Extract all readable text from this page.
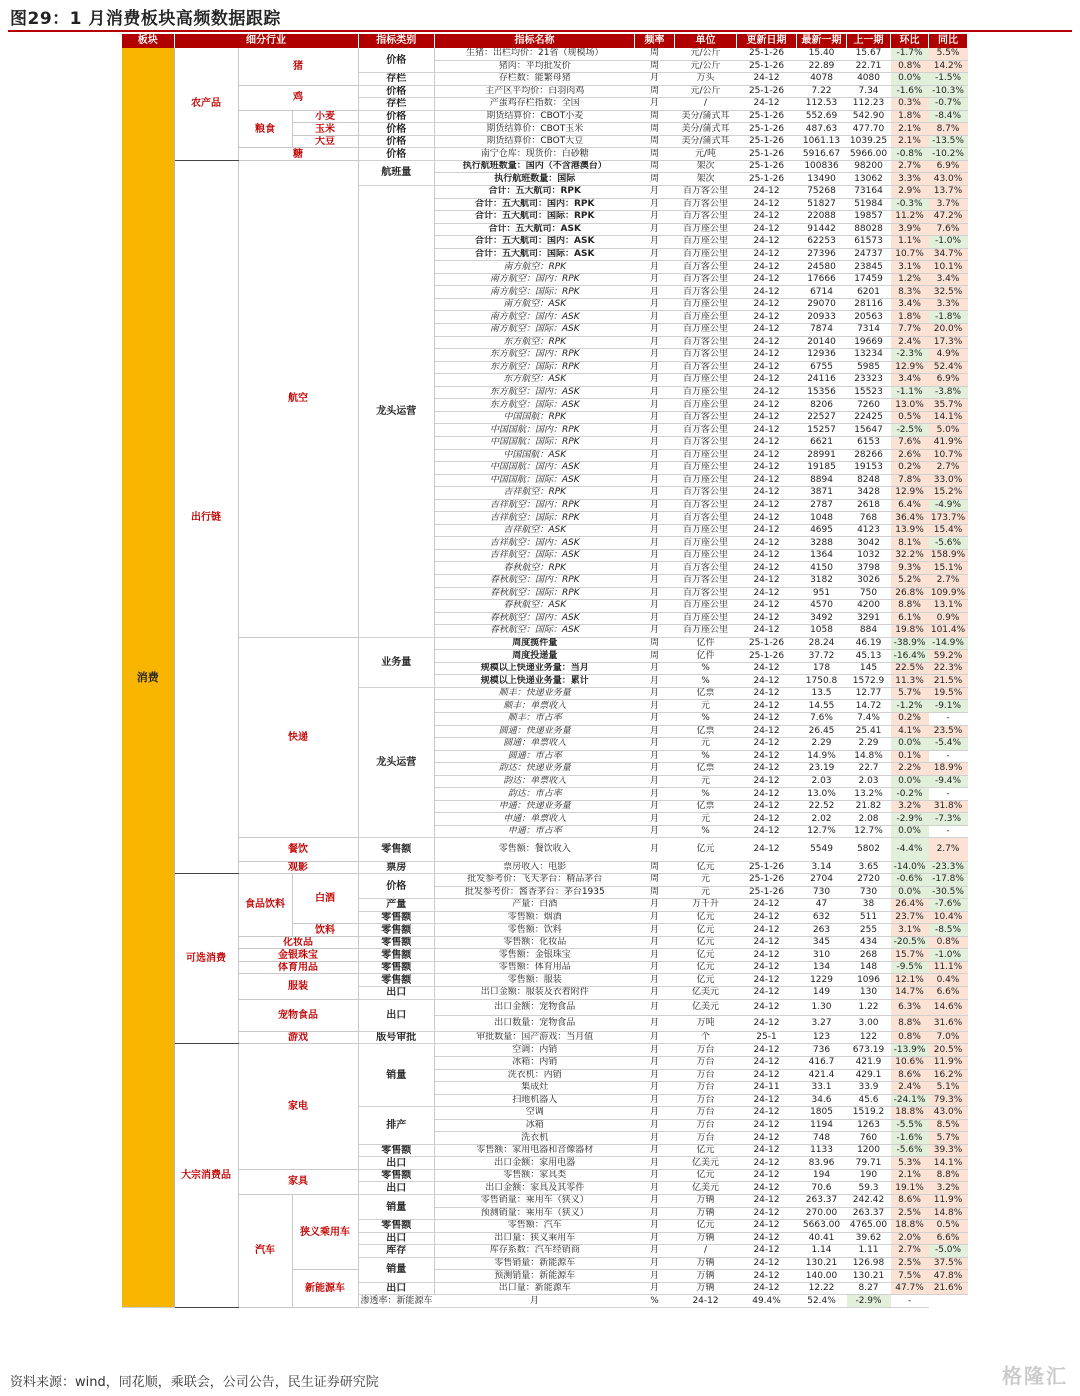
图29：1 月消费板块高频数据跟踪
板块	细分行业			指标类别	指标名称	频率	单位	更新日期	最新一期	上一期	环比	同比
消费	农产品	猪		价格	生猪：出栏均价：21省（规模场）	周	元/公斤	25-1-26	15.40	15.67	-1.7%	5.5%
					猪肉：平均批发价	周	元/公斤	25-1-26	22.89	22.71	0.8%	14.2%
				存栏	存栏数：能繁母猪	月	万头	24-12	4078	4080	0.0%	-1.5%
		鸡		价格	主产区平均价：白羽肉鸡	周	元/公斤	25-1-26	7.22	7.34	-1.6%	-10.3%
				存栏	产蛋鸡存栏指数：全国	月	/	24-12	112.53	112.23	0.3%	-0.7%
		粮食	小麦	价格	期货结算价：CBOT小麦	周	美分/蒲式耳	25-1-26	552.69	542.90	1.8%	-8.4%
			玉米	价格	期货结算价：CBOT玉米	周	美分/蒲式耳	25-1-26	487.63	477.70	2.1%	8.7%
			大豆	价格	期货结算价：CBOT大豆	周	美分/蒲式耳	25-1-26	1061.13	1039.25	2.1%	-13.5%
		糖		价格	南宁仓库：现货价：白砂糖	周	元/吨	25-1-26	5916.67	5966.00	-0.8%	-10.2%
	出行链	航空		航班量	执行航班数量：国内（不含港澳台）	周	架次	25-1-26	100836	98200	2.7%	6.9%
					执行航班数量：国际	周	架次	25-1-26	13490	13062	3.3%	43.0%
				龙头运营	合计：五大航司：RPK	月	百万客公里	24-12	75268	73164	2.9%	13.7%
					合计：五大航司：国内：RPK	月	百万客公里	24-12	51827	51984	-0.3%	3.7%
					合计：五大航司：国际：RPK	月	百万客公里	24-12	22088	19857	11.2%	47.2%
					合计：五大航司：ASK	月	百万座公里	24-12	91442	88028	3.9%	7.6%
					合计：五大航司：国内：ASK	月	百万座公里	24-12	62253	61573	1.1%	-1.0%
					合计：五大航司：国际：ASK	月	百万座公里	24-12	27396	24737	10.7%	34.7%
					南方航空：RPK	月	百万客公里	24-12	24580	23845	3.1%	10.1%
					南方航空：国内：RPK	月	百万客公里	24-12	17666	17459	1.2%	3.4%
					南方航空：国际：RPK	月	百万客公里	24-12	6714	6201	8.3%	32.5%
					南方航空：ASK	月	百万座公里	24-12	29070	28116	3.4%	3.3%
					南方航空：国内：ASK	月	百万座公里	24-12	20933	20563	1.8%	-1.8%
					南方航空：国际：ASK	月	百万座公里	24-12	7874	7314	7.7%	20.0%
					东方航空：RPK	月	百万客公里	24-12	20140	19669	2.4%	17.3%
					东方航空：国内：RPK	月	百万客公里	24-12	12936	13234	-2.3%	4.9%
					东方航空：国际：RPK	月	百万客公里	24-12	6755	5985	12.9%	52.4%
					东方航空：ASK	月	百万座公里	24-12	24116	23323	3.4%	6.9%
					东方航空：国内：ASK	月	百万座公里	24-12	15356	15523	-1.1%	-3.8%
					东方航空：国际：ASK	月	百万座公里	24-12	8206	7260	13.0%	35.7%
					中国国航：RPK	月	百万客公里	24-12	22527	22425	0.5%	14.1%
					中国国航：国内：RPK	月	百万客公里	24-12	15257	15647	-2.5%	5.0%
					中国国航：国际：RPK	月	百万客公里	24-12	6621	6153	7.6%	41.9%
					中国国航：ASK	月	百万座公里	24-12	28991	28266	2.6%	10.7%
					中国国航：国内：ASK	月	百万座公里	24-12	19185	19153	0.2%	2.7%
					中国国航：国际：ASK	月	百万座公里	24-12	8894	8248	7.8%	33.0%
					吉祥航空：RPK	月	百万客公里	24-12	3871	3428	12.9%	15.2%
					吉祥航空：国内：RPK	月	百万客公里	24-12	2787	2618	6.4%	-4.9%
					吉祥航空：国际：RPK	月	百万客公里	24-12	1048	768	36.4%	173.7%
					吉祥航空：ASK	月	百万座公里	24-12	4695	4123	13.9%	15.4%
					吉祥航空：国内：ASK	月	百万座公里	24-12	3288	3042	8.1%	-5.6%
					吉祥航空：国际：ASK	月	百万座公里	24-12	1364	1032	32.2%	158.9%
					春秋航空：RPK	月	百万客公里	24-12	4150	3798	9.3%	15.1%
					春秋航空：国内：RPK	月	百万客公里	24-12	3182	3026	5.2%	2.7%
					春秋航空：国际：RPK	月	百万客公里	24-12	951	750	26.8%	109.9%
					春秋航空：ASK	月	百万座公里	24-12	4570	4200	8.8%	13.1%
					春秋航空：国内：ASK	月	百万座公里	24-12	3492	3291	6.1%	0.9%
					春秋航空：国际：ASK	月	百万座公里	24-12	1058	884	19.8%	101.4%
		快递		业务量	周度揽件量	周	亿件	25-1-26	28.24	46.19	-38.9%	-14.9%
					周度投递量	周	亿件	25-1-26	37.72	45.13	-16.4%	59.2%
					规模以上快递业务量：当月	月	%	24-12	178	145	22.5%	22.3%
					规模以上快递业务量：累计	月	%	24-12	1750.8	1572.9	11.3%	21.5%
				龙头运营	顺丰：快递业务量	月	亿票	24-12	13.5	12.77	5.7%	19.5%
					顺丰：单票收入	月	元	24-12	14.55	14.72	-1.2%	-9.1%
					顺丰：市占率	月	%	24-12	7.6%	7.4%	0.2%	-
					圆通：快递业务量	月	亿票	24-12	26.45	25.41	4.1%	23.5%
					圆通：单票收入	月	元	24-12	2.29	2.29	0.0%	-5.4%
					圆通：市占率	月	%	24-12	14.9%	14.8%	0.1%	-
					韵达：快递业务量	月	亿票	24-12	23.19	22.7	2.2%	18.9%
					韵达：单票收入	月	元	24-12	2.03	2.03	0.0%	-9.4%
					韵达：市占率	月	%	24-12	13.0%	13.2%	-0.2%	-
					申通：快递业务量	月	亿票	24-12	22.52	21.82	3.2%	31.8%
					申通：单票收入	月	元	24-12	2.02	2.08	-2.9%	-7.3%
					申通：市占率	月	%	24-12	12.7%	12.7%	0.0%	-
		餐饮		零售额	零售额：餐饮收入	月	亿元	24-12	5549	5802	-4.4%	2.7%
		观影		票房	票房收入：电影	周	亿元	25-1-26	3.14	3.65	-14.0%	-23.3%
	可选消费	食品饮料	白酒	价格	批发参考价：飞天茅台：精品茅台	周	元	25-1-26	2704	2720	-0.6%	-17.8%
					批发参考价：酱香茅台：茅台1935	周	元	25-1-26	730	730	0.0%	-30.5%
				产量	产量：白酒	月	万千升	24-12	47	38	26.4%	-7.6%
				零售额	零售额：烟酒	月	亿元	24-12	632	511	23.7%	10.4%
			饮料	零售额	零售额：饮料	月	亿元	24-12	263	255	3.1%	-8.5%
		化妆品		零售额	零售额：化妆品	月	亿元	24-12	345	434	-20.5%	0.8%
		金银珠宝		零售额	零售额：金银珠宝	月	亿元	24-12	310	268	15.7%	-1.0%
		体育用品		零售额	零售额：体育用品	月	亿元	24-12	134	148	-9.5%	11.1%
		服装		零售额	零售额：服装	月	亿元	24-12	1229	1096	12.1%	0.4%
				出口	出口金额：服装及衣着附件	月	亿美元	24-12	149	130	14.7%	6.6%
		宠物食品		出口	出口金额：宠物食品	月	亿美元	24-12	1.30	1.22	6.3%	14.6%
					出口数量：宠物食品	月	万吨	24-12	3.27	3.00	8.8%	31.6%
		游戏		版号审批	审批数量：国产游戏：当月值	月	个	25-1	123	122	0.8%	7.0%
	大宗消费品	家电		销量	空调：内销	月	万台	24-12	736	673.19	-13.9%	20.5%
					冰箱：内销	月	万台	24-12	416.7	421.9	10.6%	11.9%
					洗衣机：内销	月	万台	24-12	421.4	429.1	8.6%	16.2%
					集成灶	月	万台	24-11	33.1	33.9	2.4%	5.1%
					扫地机器人	月	万台	24-12	34.6	45.6	-24.1%	79.3%
				排产	空调	月	万台	24-12	1805	1519.2	18.8%	43.0%
					冰箱	月	万台	24-12	1194	1263	-5.5%	8.5%
					洗衣机	月	万台	24-12	748	760	-1.6%	5.7%
				零售额	零售额：家用电器和音像器材	月	亿元	24-12	1133	1200	-5.6%	39.3%
				出口	出口金额：家用电器	月	亿美元	24-12	83.96	79.71	5.3%	14.1%
		家具		零售额	零售额：家具类	月	亿元	24-12	194	190	2.1%	8.8%
				出口	出口金额：家具及其零件	月	亿美元	24-12	70.6	59.3	19.1%	3.2%
		汽车	狭义乘用车	销量	零售销量：乘用车（狭义）	月	万辆	24-12	263.37	242.42	8.6%	11.9%
					预测销量：乘用车（狭义）	月	万辆	24-12	270.00	263.37	2.5%	14.8%
				零售额	零售额：汽车	月	亿元	24-12	5663.00	4765.00	18.8%	0.5%
				出口	出口量：狭义乘用车	月	万辆	24-12	40.41	39.62	2.0%	6.6%
				库存	库存系数：汽车经销商	月	/	24-12	1.14	1.11	2.7%	-5.0%
				销量	零售销量：新能源车	月	万辆	24-12	130.21	126.98	2.5%	37.5%
			新能源车		预测销量：新能源车	月	万辆	24-12	140.00	130.21	7.5%	47.8%
				出口	出口量：新能源车	月	万辆	24-12	12.22	8.27	47.7%	21.6%
				渗透率：新能源车	月	%	24-12	49.4%	52.4%	-2.9%	-	
资料来源：wind，同花顺，乘联会，公司公告，民生证券研究院	格隆汇
